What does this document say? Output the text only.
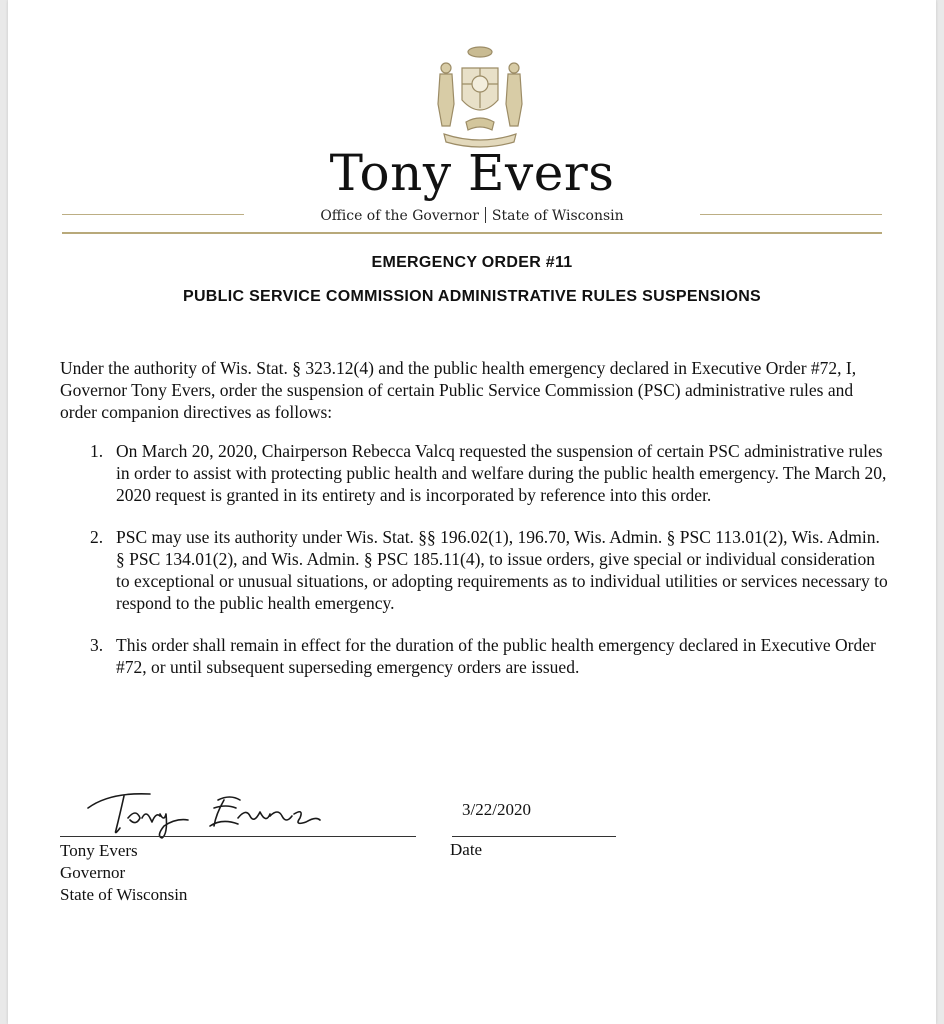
Tony Evers
Office of the Governor State of Wisconsin
EMERGENCY ORDER #11
PUBLIC SERVICE COMMISSION ADMINISTRATIVE RULES SUSPENSIONS
Under the authority of Wis. Stat. § 323.12(4) and the public health emergency declared in Executive Order #72, I, Governor Tony Evers, order the suspension of certain Public Service Commission (PSC) administrative rules and order companion directives as follows:
1. On March 20, 2020, Chairperson Rebecca Valcq requested the suspension of certain PSC administrative rules in order to assist with protecting public health and welfare during the public health emergency. The March 20, 2020 request is granted in its entirety and is incorporated by reference into this order.
2. PSC may use its authority under Wis. Stat. §§ 196.02(1), 196.70, Wis. Admin. § PSC 113.01(2), Wis. Admin. § PSC 134.01(2), and Wis. Admin. § PSC 185.11(4), to issue orders, give special or individual consideration to exceptional or unusual situations, or adopting requirements as to individual utilities or services necessary to respond to the public health emergency.
3. This order shall remain in effect for the duration of the public health emergency declared in Executive Order #72, or until subsequent superseding emergency orders are issued.
3/22/2020
Tony Evers
Governor
State of Wisconsin
Date
